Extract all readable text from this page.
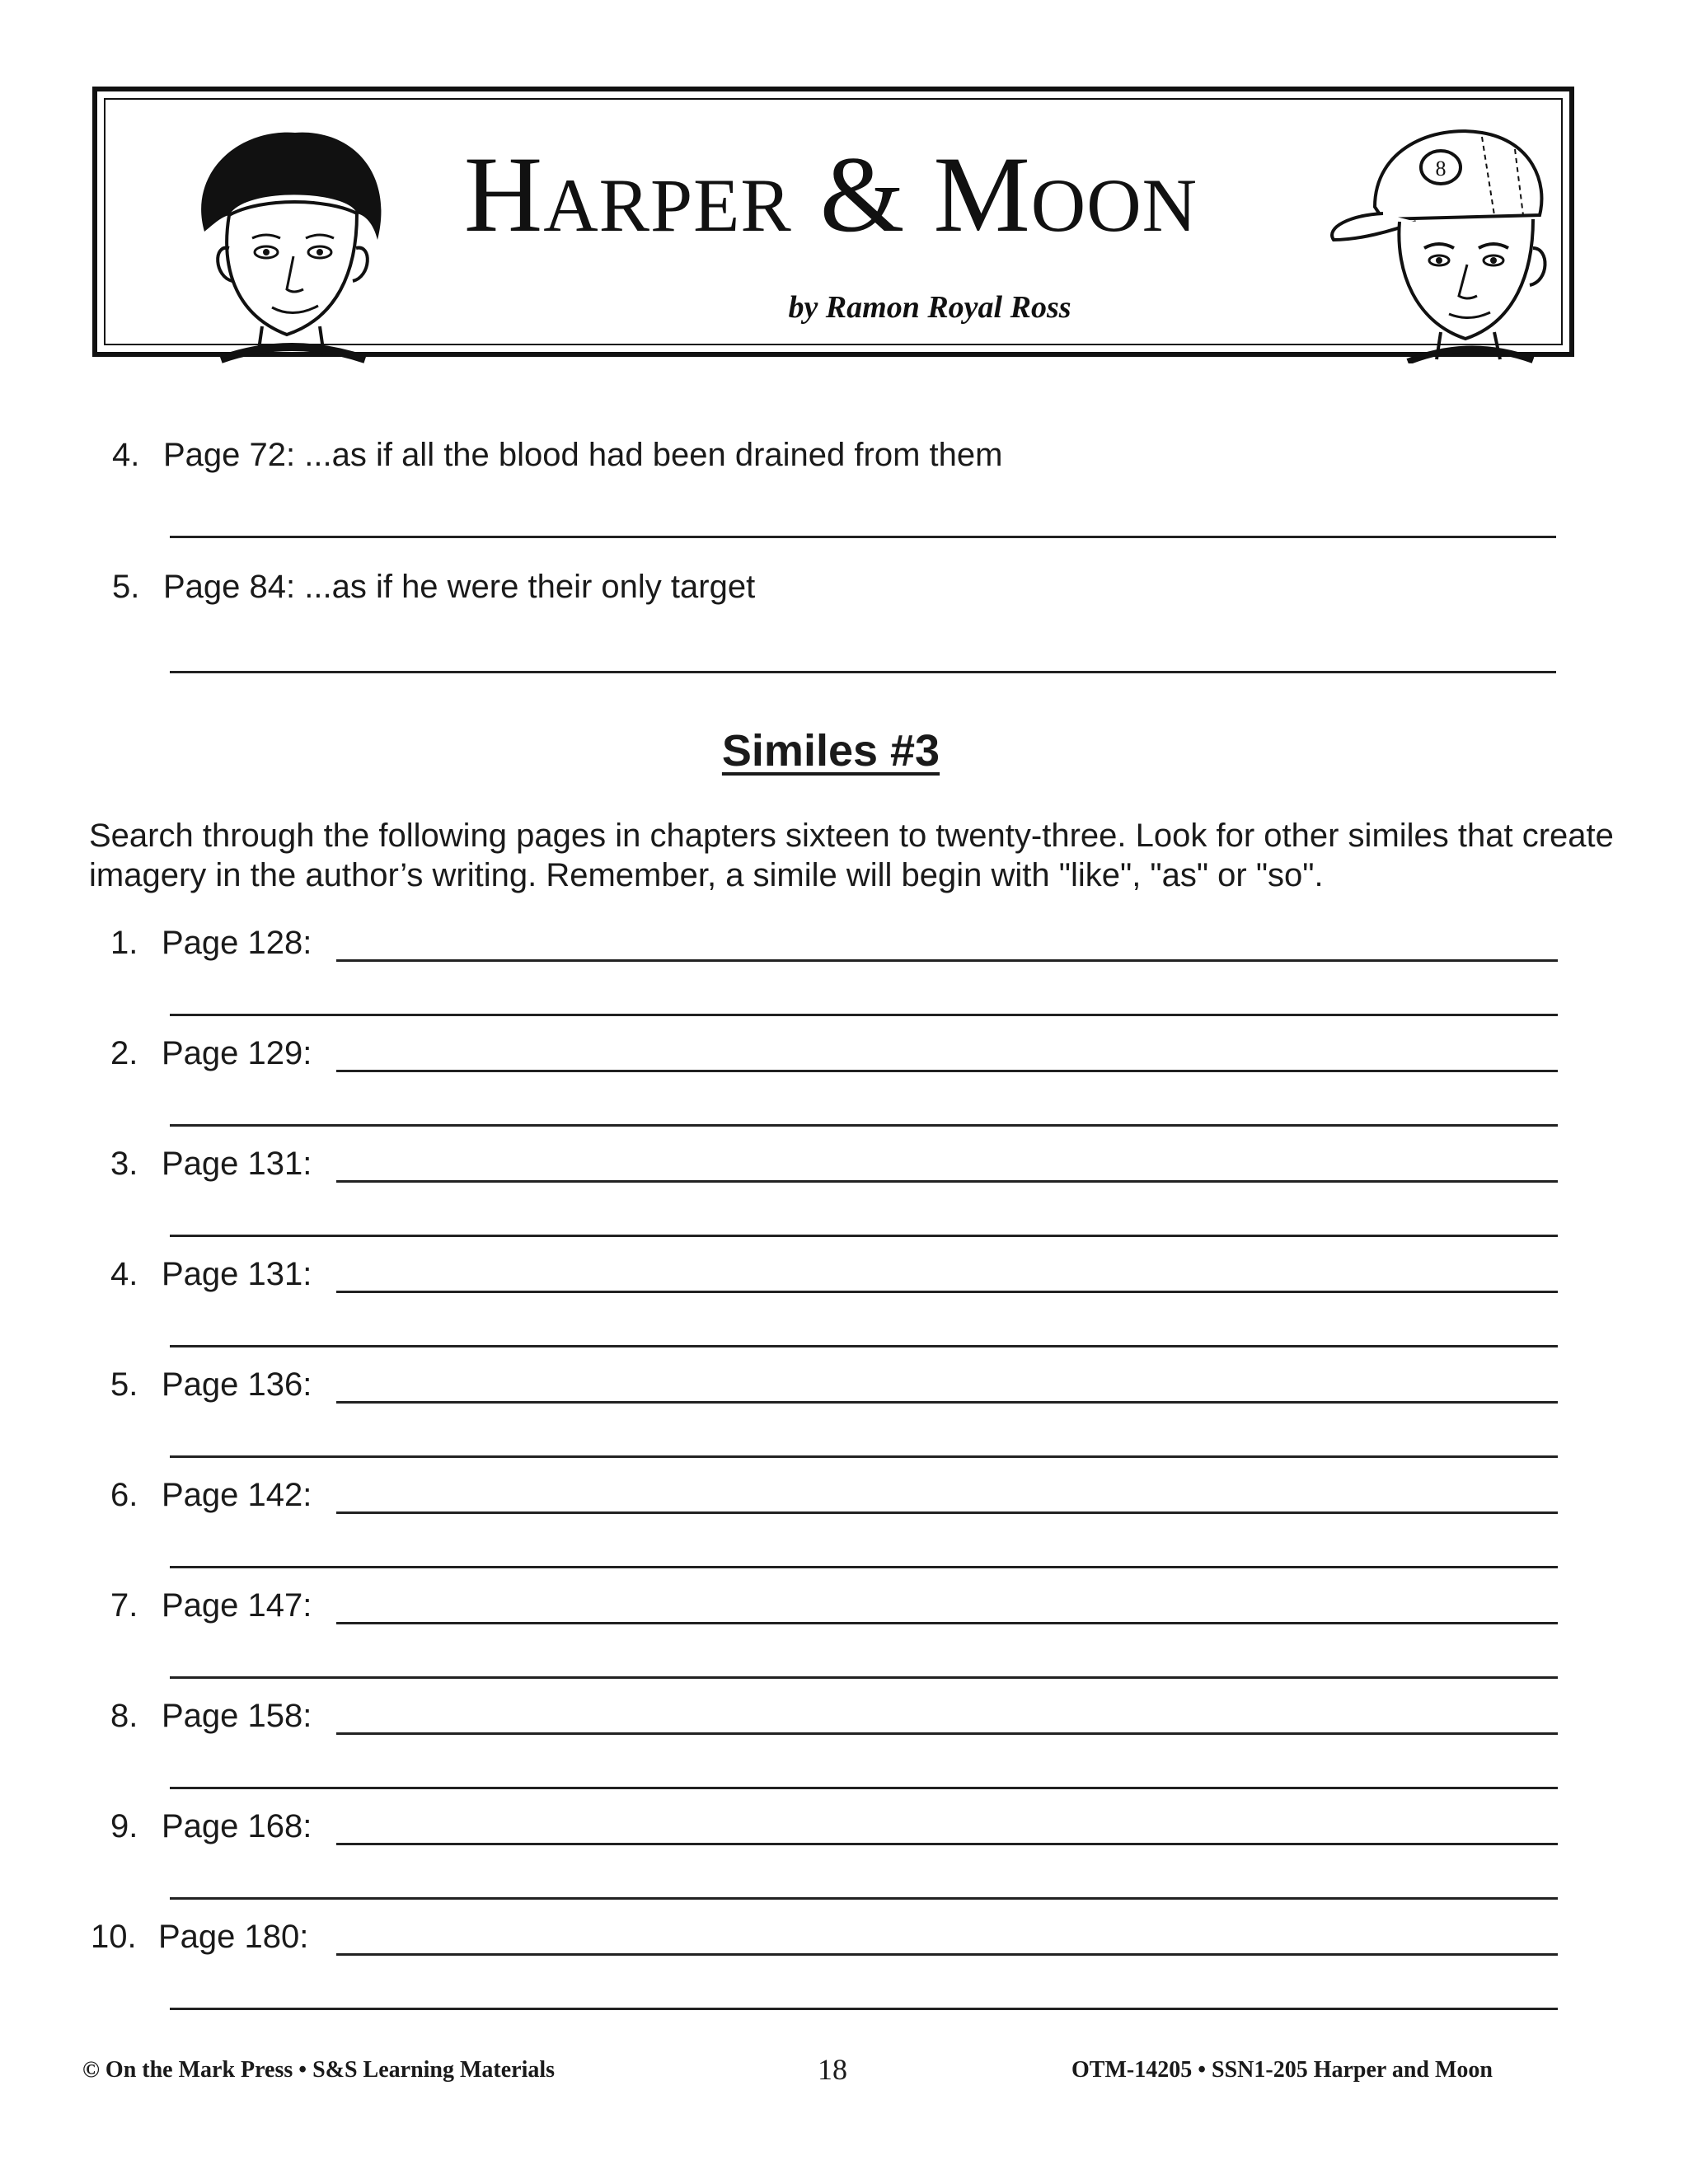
Harper & Moon
by Ramon Royal Ross
8
4. Page 72: ...as if all the blood had been drained from them
5. Page 84: ...as if he were their only target
Similes #3
Search through the following pages in chapters sixteen to twenty-three. Look for other similes that create imagery in the author’s writing. Remember, a simile will begin with "like", "as" or "so".
1. Page 128:
2. Page 129:
3. Page 131:
4. Page 131:
5. Page 136:
6. Page 142:
7. Page 147:
8. Page 158:
9. Page 168:
10. Page 180:
© On the Mark Press • S&S Learning Materials	18	OTM-14205 • SSN1-205 Harper and Moon
